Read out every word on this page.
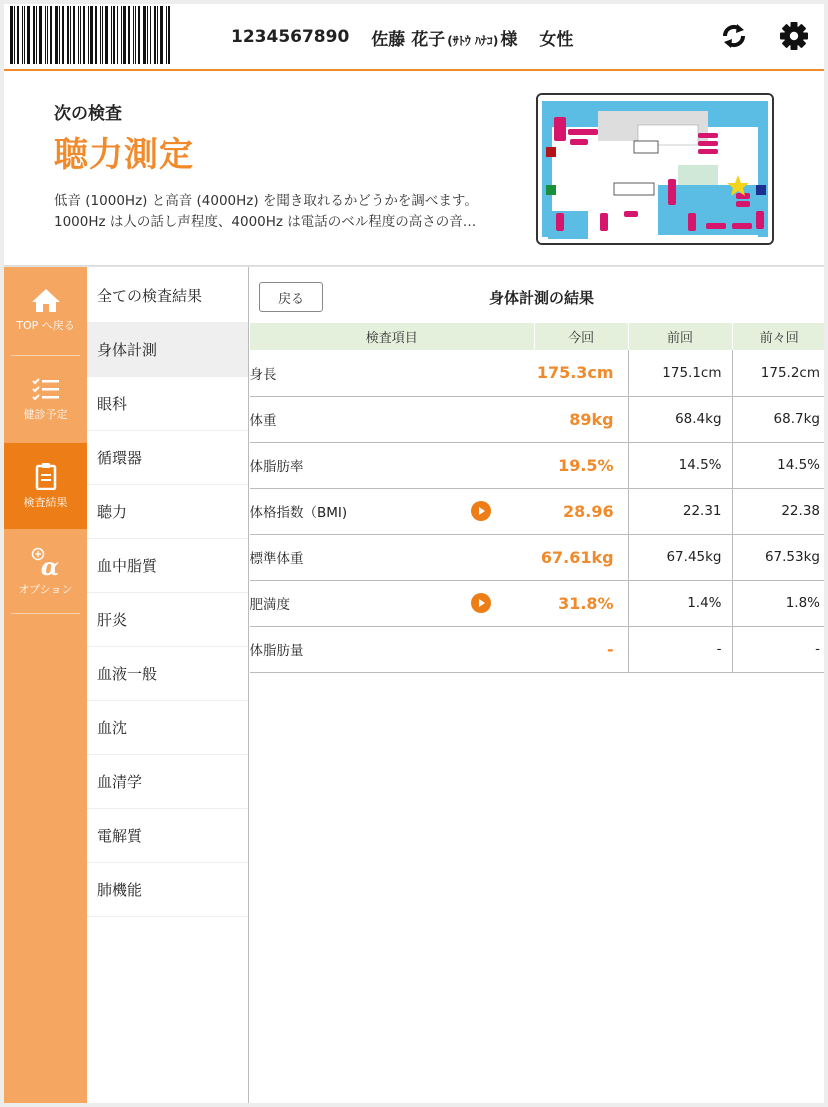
1234567890 佐藤 花子 (ｻﾄｳ ﾊﾅｺ) 様 女性
次の検査
聴力測定
低音 (1000Hz) と高音 (4000Hz) を聞き取れるかどうかを調べます。
1000Hz は人の話し声程度、4000Hz は電話のベル程度の高さの音…
TOP へ戻る
健診予定
検査結果
α
オプション
全ての検査結果
身体計測
眼科
循環器
聴力
血中脂質
肝炎
血液一般
血沈
血清学
電解質
肺機能
身体計測の結果
戻る
検査項目	今回	前回	前々回
身長	175.3cm	175.1cm	175.2cm
体重	89kg	68.4kg	68.7kg
体脂肪率	19.5%	14.5%	14.5%
体格指数（BMI)	28.96	22.31	22.38
標準体重	67.61kg	67.45kg	67.53kg
肥満度	31.8%	1.4%	1.8%
体脂肪量	-	-	-
